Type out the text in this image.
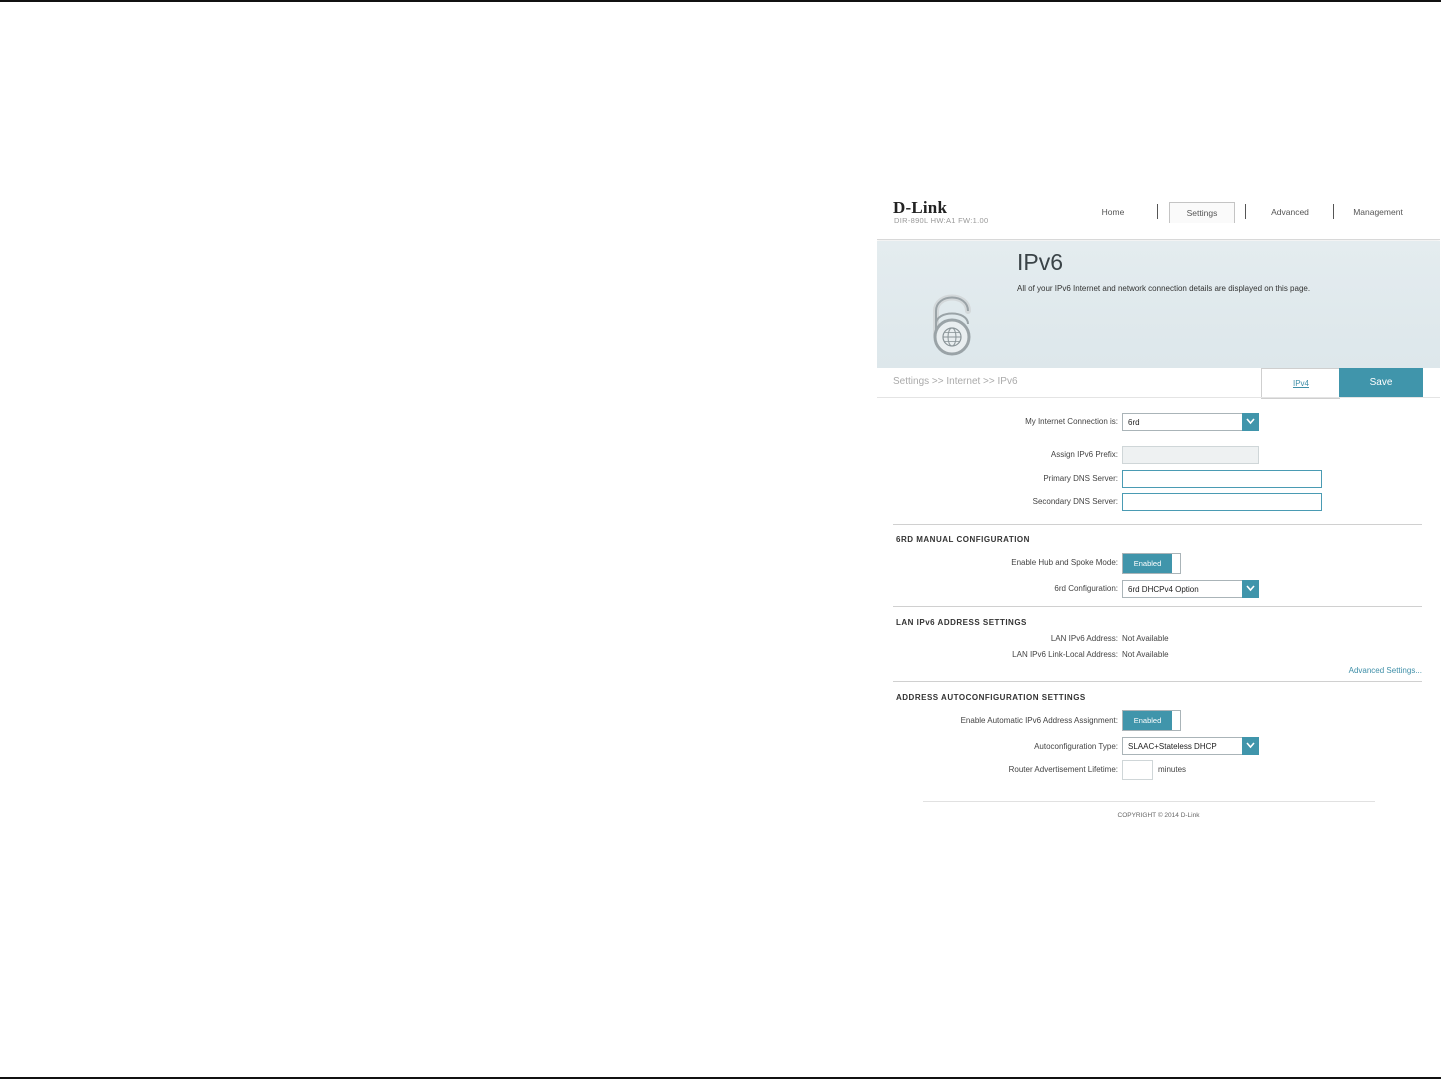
D-Link
DIR-890L HW:A1 FW:1.00
Home	Settings	Advanced	Management
IPv6
All of your IPv6 Internet and network connection details are displayed on this page.
Settings >> Internet >> IPv6	IPv4	Save
My Internet Connection is:	6rd
Assign IPv6 Prefix:
Primary DNS Server:
Secondary DNS Server:
6RD MANUAL CONFIGURATION
Enable Hub and Spoke Mode:	Enabled
6rd Configuration:	6rd DHCPv4 Option
LAN IPv6 ADDRESS SETTINGS
LAN IPv6 Address: Not Available
LAN IPv6 Link-Local Address: Not Available
Advanced Settings...
ADDRESS AUTOCONFIGURATION SETTINGS
Enable Automatic IPv6 Address Assignment:	Enabled
Autoconfiguration Type:	SLAAC+Stateless DHCP
Router Advertisement Lifetime:	minutes
COPYRIGHT © 2014 D-Link
